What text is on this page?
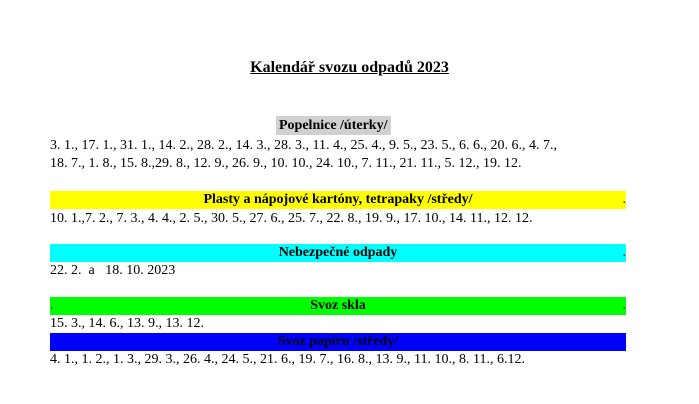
Kalendář svozu odpadů 2023
Popelnice /úterky/
3. 1., 17. 1., 31. 1., 14. 2., 28. 2., 14. 3., 28. 3., 11. 4., 25. 4., 9. 5., 23. 5., 6. 6., 20. 6., 4. 7.,
18. 7., 1. 8., 15. 8.,29. 8., 12. 9., 26. 9., 10. 10., 24. 10., 7. 11., 21. 11., 5. 12., 19. 12.
Plasty a nápojové kartóny, tetrapaky /středy/	.
10. 1.,7. 2., 7. 3., 4. 4., 2. 5., 30. 5., 27. 6., 25. 7., 22. 8., 19. 9., 17. 10., 14. 11., 12. 12.
Nebezpečné odpady	.
22. 2.  a   18. 10. 2023
.	Svoz skla	.
15. 3., 14. 6., 13. 9., 13. 12.
Svoz papíru /středy/
4. 1., 1. 2., 1. 3., 29. 3., 26. 4., 24. 5., 21. 6., 19. 7., 16. 8., 13. 9., 11. 10., 8. 11., 6.12.
